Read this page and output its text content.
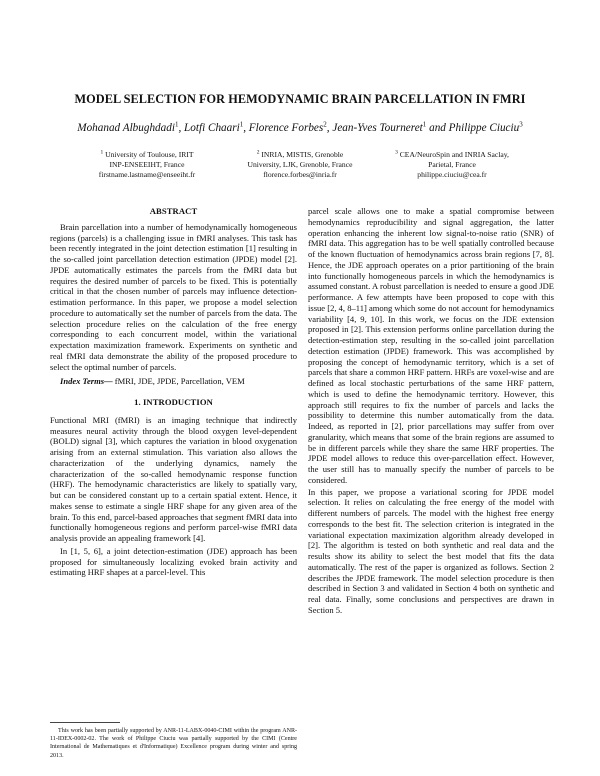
MODEL SELECTION FOR HEMODYNAMIC BRAIN PARCELLATION IN FMRI
Mohanad Albughdadi$^1$, Lotfi Chaari$^1$, Florence Forbes$^2$, Jean-Yves Tourneret$^1$ and Philippe Ciuciu$^3$
$^1$ University of Toulouse, IRIT
INP-ENSEEIHT, France
firstname.lastname@enseeiht.fr
$^2$ INRIA, MISTIS, Grenoble
University, LJK, Grenoble, France
florence.forbes@inria.fr
$^3$ CEA/NeuroSpin and INRIA Saclay,
Parietal, France
philippe.ciuciu@cea.fr
ABSTRACT

Brain parcellation into a number of hemodynamically homogeneous regions (parcels) is a challenging issue in fMRI analyses. This task has been recently integrated in the joint detection estimation [1] resulting in the so-called joint parcellation detection estimation (JPDE) model [2]. JPDE automatically estimates the parcels from the fMRI data but requires the desired number of parcels to be fixed. This is potentially critical in that the chosen number of parcels may influence detection-estimation performance. In this paper, we propose a model selection procedure to automatically set the number of parcels from the data. The selection procedure relies on the calculation of the free energy corresponding to each concurrent model, within the variational expectation maximization framework. Experiments on synthetic and real fMRI data demonstrate the ability of the proposed procedure to select the optimal number of parcels.

Index Terms— fMRI, JDE, JPDE, Parcellation, VEM

1. INTRODUCTION

Functional MRI (fMRI) is an imaging technique that indirectly measures neural activity through the blood oxygen level-dependent (BOLD) signal [3], which captures the variation in blood oxygenation arising from an external stimulation. This variation also allows the characterization of the underlying dynamics, namely the characterization of the so-called hemodynamic response function (HRF). The hemodynamic characteristics are likely to spatially vary, but can be considered constant up to a certain spatial extent. Hence, it makes sense to estimate a single HRF shape for any given area of the brain. To this end, parcel-based approaches that segment fMRI data into functionally homogeneous regions and perform parcel-wise fMRI data analysis provide an appealing framework [4].

In [1, 5, 6], a joint detection-estimation (JDE) approach has been proposed for simultaneously localizing evoked brain activity and estimating HRF shapes at a parcel-level. This

This work has been partially supported by ANR-11-LABX-0040-CIMI within the program ANR-11-IDEX-0002-02. The work of Philippe Ciuciu was partially supported by the CIMI (Centre International de Mathematiques et d'Informatique) Excellence program during winter and spring 2013.

parcel scale allows one to make a spatial compromise between hemodynamics reproducibility and signal aggregation, the latter operation enhancing the inherent low signal-to-noise ratio (SNR) of fMRI data. This aggregation has to be well spatially controlled because of the known fluctuation of hemodynamics across brain regions [7, 8]. Hence, the JDE approach operates on a prior partitioning of the brain into functionally homogeneous parcels in which the hemodynamics is assumed constant. A robust parcellation is needed to ensure a good JDE performance. A few attempts have been proposed to cope with this issue [2, 4, 8–11] among which some do not account for hemodynamics variability [4, 9, 10]. In this work, we focus on the JDE extension proposed in [2]. This extension performs online parcellation during the detection-estimation step, resulting in the so-called joint parcellation detection estimation (JPDE) framework. This was accomplished by proposing the concept of hemodynamic territory, which is a set of parcels that share a common HRF pattern. HRFs are voxel-wise and are defined as local stochastic perturbations of the same HRF pattern, which is used to define the hemodynamic territory. However, this approach still requires to fix the number of parcels and lacks the possibility to determine this number automatically from the data. Indeed, as reported in [2], prior parcellations may suffer from over granularity, which means that some of the brain regions are assumed to be in different parcels while they share the same HRF properties. The JPDE model allows to reduce this over-parcellation effect. However, the user still has to manually specify the number of parcels to be considered.

In this paper, we propose a variational scoring for JPDE model selection. It relies on calculating the free energy of the model with different numbers of parcels. The model with the highest free energy corresponds to the best fit. The selection criterion is integrated in the variational expectation maximization algorithm already developed in [2]. The algorithm is tested on both synthetic and real data and the results show its ability to select the best model that fits the data automatically. The rest of the paper is organized as follows. Section 2 describes the JPDE framework. The model selection procedure is then described in Section 3 and validated in Section 4 both on synthetic and real data. Finally, some conclusions and perspectives are drawn in Section 5.
